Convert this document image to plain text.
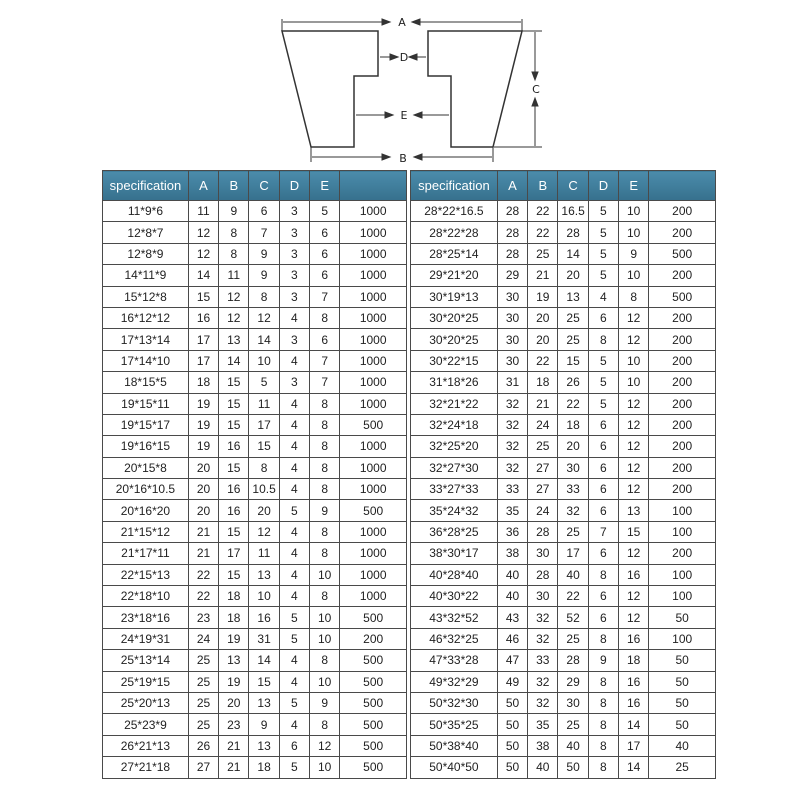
A
D
E
C
B
specification	A	B	C	D	E	
11*9*6	11	9	6	3	5	1000
12*8*7	12	8	7	3	6	1000
12*8*9	12	8	9	3	6	1000
14*11*9	14	11	9	3	6	1000
15*12*8	15	12	8	3	7	1000
16*12*12	16	12	12	4	8	1000
17*13*14	17	13	14	3	6	1000
17*14*10	17	14	10	4	7	1000
18*15*5	18	15	5	3	7	1000
19*15*11	19	15	11	4	8	1000
19*15*17	19	15	17	4	8	500
19*16*15	19	16	15	4	8	1000
20*15*8	20	15	8	4	8	1000
20*16*10.5	20	16	10.5	4	8	1000
20*16*20	20	16	20	5	9	500
21*15*12	21	15	12	4	8	1000
21*17*11	21	17	11	4	8	1000
22*15*13	22	15	13	4	10	1000
22*18*10	22	18	10	4	8	1000
23*18*16	23	18	16	5	10	500
24*19*31	24	19	31	5	10	200
25*13*14	25	13	14	4	8	500
25*19*15	25	19	15	4	10	500
25*20*13	25	20	13	5	9	500
25*23*9	25	23	9	4	8	500
26*21*13	26	21	13	6	12	500
27*21*18	27	21	18	5	10	500
specification	A	B	C	D	E	
28*22*16.5	28	22	16.5	5	10	200
28*22*28	28	22	28	5	10	200
28*25*14	28	25	14	5	9	500
29*21*20	29	21	20	5	10	200
30*19*13	30	19	13	4	8	500
30*20*25	30	20	25	6	12	200
30*20*25	30	20	25	8	12	200
30*22*15	30	22	15	5	10	200
31*18*26	31	18	26	5	10	200
32*21*22	32	21	22	5	12	200
32*24*18	32	24	18	6	12	200
32*25*20	32	25	20	6	12	200
32*27*30	32	27	30	6	12	200
33*27*33	33	27	33	6	12	200
35*24*32	35	24	32	6	13	100
36*28*25	36	28	25	7	15	100
38*30*17	38	30	17	6	12	200
40*28*40	40	28	40	8	16	100
40*30*22	40	30	22	6	12	100
43*32*52	43	32	52	6	12	50
46*32*25	46	32	25	8	16	100
47*33*28	47	33	28	9	18	50
49*32*29	49	32	29	8	16	50
50*32*30	50	32	30	8	16	50
50*35*25	50	35	25	8	14	50
50*38*40	50	38	40	8	17	40
50*40*50	50	40	50	8	14	25
